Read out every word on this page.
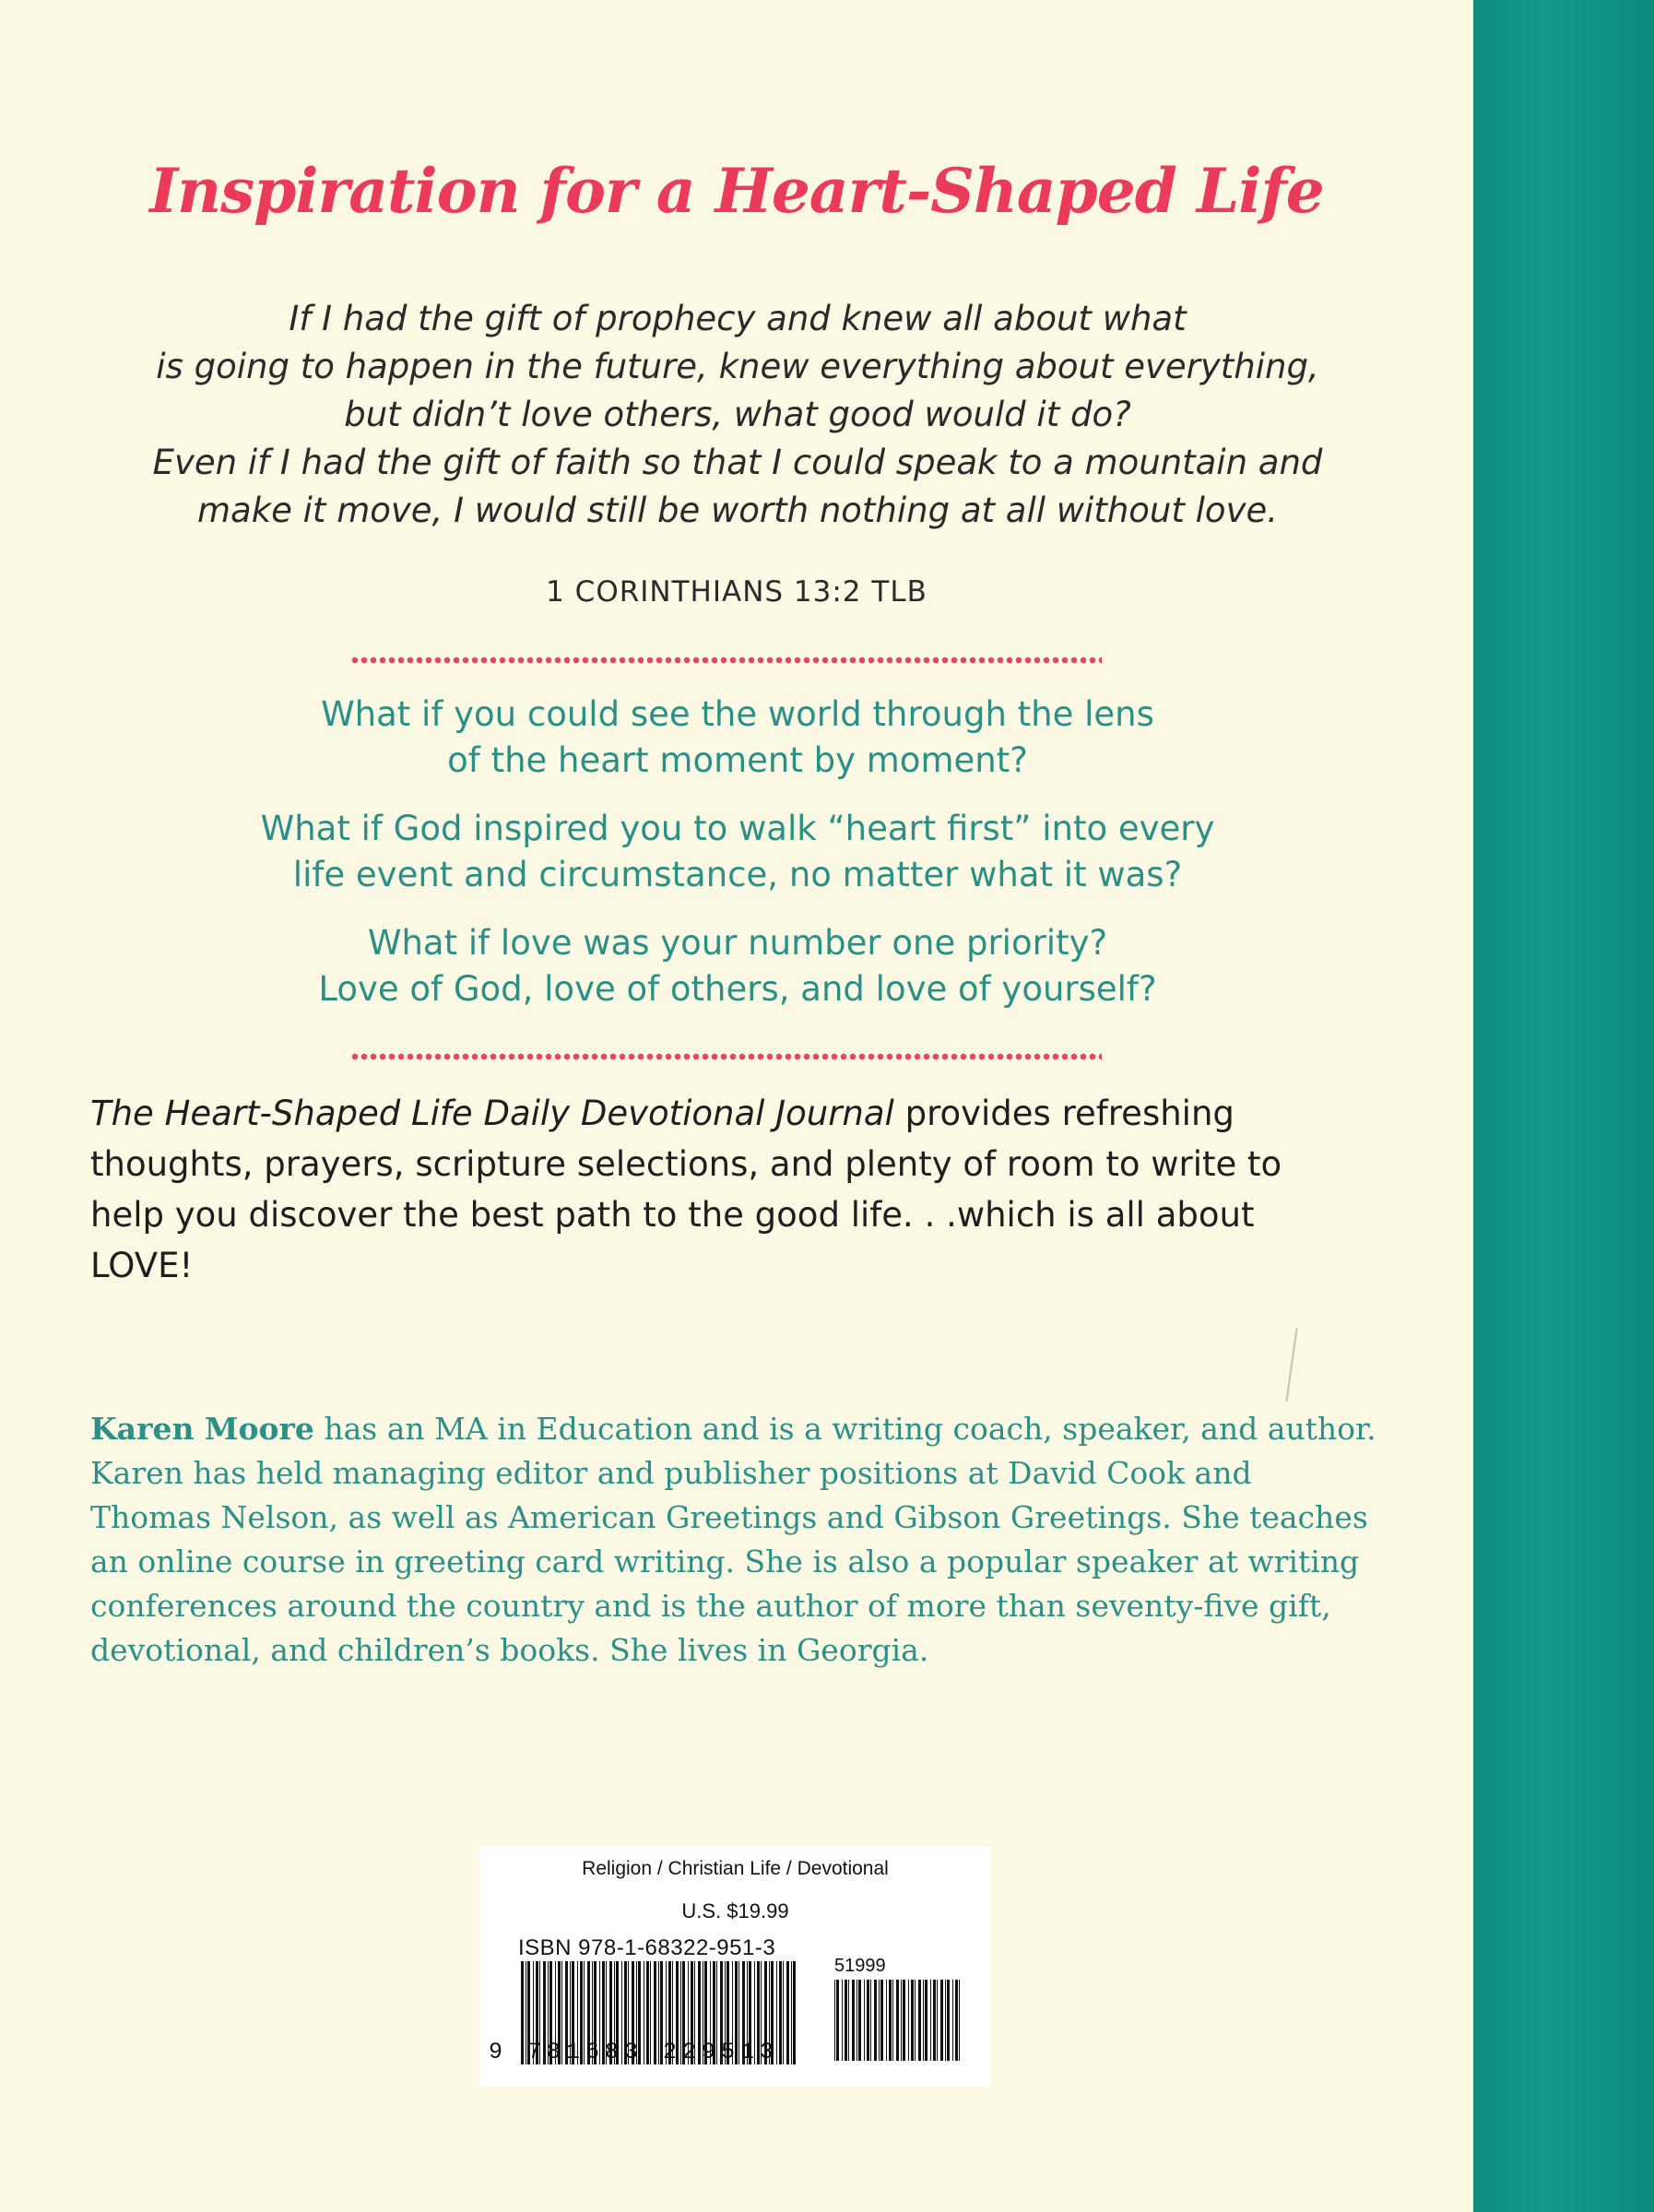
Inspiration for a Heart-Shaped Life
If I had the gift of prophecy and knew all about what
is going to happen in the future, knew everything about everything,
but didn’t love others, what good would it do?
Even if I had the gift of faith so that I could speak to a mountain and
make it move, I would still be worth nothing at all without love.
1 CORINTHIANS 13:2 TLB
What if you could see the world through the lens
of the heart moment by moment?
What if God inspired you to walk “heart first” into every
life event and circumstance, no matter what it was?
What if love was your number one priority?
Love of God, love of others, and love of yourself?
The Heart-Shaped Life Daily Devotional Journal provides refreshing thoughts, prayers, scripture selections, and plenty of room to write to help you discover the best path to the good life. . .which is all about LOVE!
Karen Moore has an MA in Education and is a writing coach, speaker, and author. Karen has held managing editor and publisher positions at David Cook and Thomas Nelson, as well as American Greetings and Gibson Greetings. She teaches an online course in greeting card writing. She is also a popular speaker at writing conferences around the country and is the author of more than seventy-five gift, devotional, and children’s books. She lives in Georgia.
Religion / Christian Life / Devotional
U.S. $19.99
ISBN 978-1-68322-951-3
51999
9 781683 229513
